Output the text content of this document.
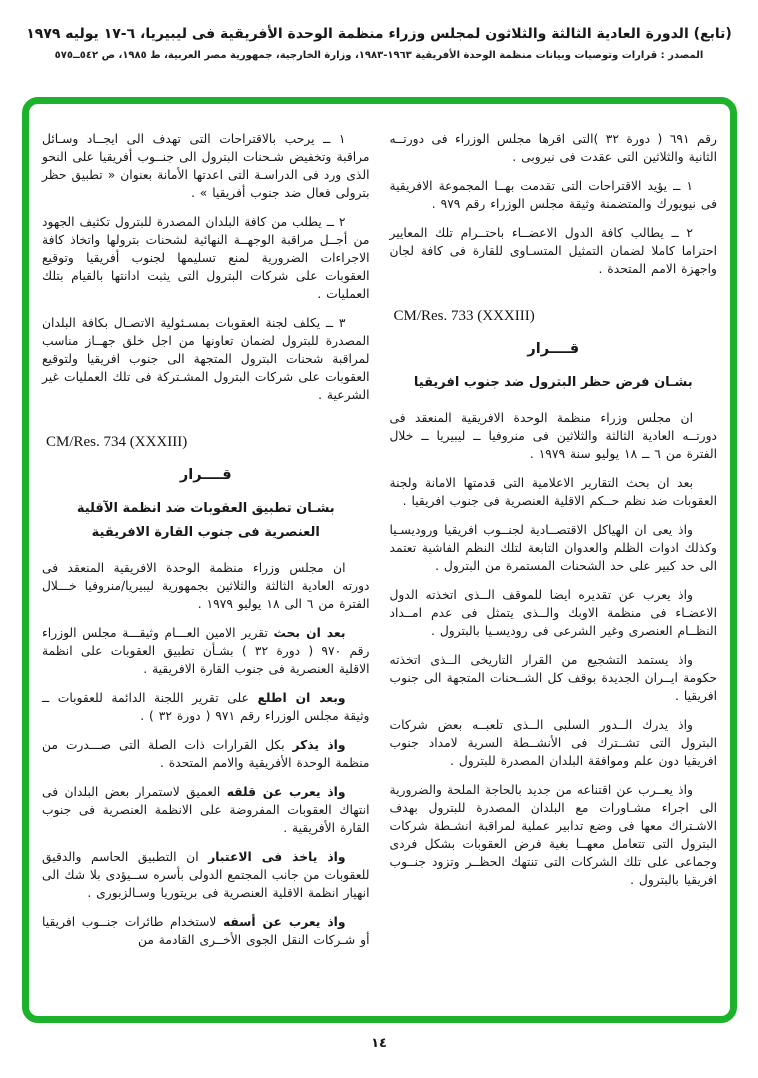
(تابع) الدورة العادية الثالثة والثلاثون لمجلس وزراء منظمة الوحدة الأفريقية فى ليبيريا، ٦-١٧ يوليه ١٩٧٩
المصدر : قرارات وتوصيات وبيانات منظمة الوحدة الأفريقية ١٩٦٣-١٩٨٣، وزارة الخارجية، جمهورية مصر العربية، ط ١٩٨٥، ص ٥٤٢ــ٥٧٥

رقم ٦٩١ ( دورة ٣٢ )التى اقرها مجلس الوزراء فى دورتــه الثانية والثلاثين التى عقدت فى نيروبى .

١ ــ يؤيد الاقتراحات التى تقدمت بهــا المجموعة الافريقية فى نيويورك والمتضمنة وثيقة مجلس الوزراء رقم ٩٧٩ .

٢ ــ يطالب كافة الدول الاعضــاء باحتــرام تلك المعايير احتراما كاملا لضمان التمثيل المتسـاوى للقارة فى كافة لجان واجهزة الامم المتحدة .

CM/Res. 733 (XXXIII)
قــــرار
بشـان فرض حظر البترول ضد جنوب افريقيا

ان مجلس وزراء منظمة الوحدة الافريقية المنعقد فى دورتــه العادية الثالثة والثلاثين فى منروفيا ــ ليبيريا ــ خلال الفترة من ٦ ــ ١٨ يوليو سنة ١٩٧٩ .

بعد ان بحث التقارير الاعلامية التى قدمتها الامانة ولجنة العقوبات ضد نظم حــكم الاقلية العنصرية فى جنوب افريقيا .

واذ يعى ان الهياكل الاقتصــادية لجنــوب افريقيا وروديسـيا وكذلك ادوات الظلم والعدوان التابعة لتلك النظم الفاشية تعتمد الى حد كبير على حد الشحنات المستمرة من البترول .

واذ يعرب عن تقديره ايضا للموقف الــذى اتخذته الدول الاعضـاء فى منظمة الاوبك والــذى يتمثل فى عدم امــداد النظــام العنصرى وغير الشرعى فى روديسـيا بالبترول .

واذ يستمد التشجيع من القرار التاريخى الــذى اتخذته حكومة ايــران الجديدة بوقف كل الشــحنات المتجهة الى جنوب افريقيا .

واذ يدرك الــدور السلبى الــذى تلعبــه بعض شركات البترول التى تشــترك فى الأنشــطة السرية لامداد جنوب افريقيا دون علم وموافقة البلدان المصدرة للبترول .

واذ يعــرب عن اقتناعه من جديد بالحاجة الملحة والضرورية الى اجراء مشـاورات مع البلدان المصدرة للبترول بهدف الاشـتراك معها فى وضع تدابير عملية لمراقبة انشـطة شركات البترول التى تتعامل معهــا بغية فرض العقوبات بشكل فردى وجماعى على تلك الشركات التى تنتهك الحظــر وتزود جنــوب افريقيا بالبترول .

١ ــ يرحب بالاقتراحات التى تهدف الى ايجــاد وسـائل مراقبة وتخفيض شـحنات البترول الى جنــوب أفريقيا على النحو الذى ورد فى الدراسـة التى اعدتها الأمانة بعنوان « تطبيق حظر بترولى فعال ضد جنوب أفريقيا » .

٢ ــ يطلب من كافة البلدان المصدرة للبترول تكثيف الجهود من أجــل مراقبة الوجهــة النهائية لشحنات بترولها واتخاذ كافة الاجراءات الضرورية لمنع تسليمها لجنوب أفريقيا وتوقيع العقوبات على شركات البترول التى يثبت ادانتها بالقيام بتلك العمليات .

٣ ــ يكلف لجنة العقوبات بمسـئولية الاتصـال بكافة البلدان المصدرة للبترول لضمان تعاونها من اجل خلق جهــاز مناسب لمراقبة شحنات البترول المتجهة الى جنوب افريقيا ولتوقيع العقوبات على شركات البترول المشـتركة فى تلك العمليات غير الشرعية .

CM/Res. 734 (XXXIII)
قــــرار
بشـان تطبيق العقوبات ضد انظمة الآقلية
العنصرية فى جنوب القارة الافريقية

ان مجلس وزراء منظمة الوحدة الافريقية المنعقد فى دورته العادية الثالثة والثلاثين بجمهورية ليبيريا/منروفيا خـــلال الفترة من ٦ الى ١٨ يوليو ١٩٧٩ .

بعد ان بحث تقرير الامين العـــام وثيقـــة مجلس الوزراء رقم ٩٧٠ ( دورة ٣٢ ) بشـأن تطبيق العقوبات على انظمة الاقلية العنصرية فى جنوب القارة الافريقية .

وبعد ان اطلع على تقرير اللجنة الدائمة للعقوبات ــ وثيقة مجلس الوزراء رقم ٩٧١ ( دورة ٣٢ ) .

واذ يذكر بكل القرارات ذات الصلة التى صـــدرت من منظمة الوحدة الأفريقية والامم المتحدة .

واذ يعرب عن قلقه العميق لاستمرار بعض البلدان فى انتهاك العقوبات المفروضة على الانظمة العنصرية فى جنوب القارة الأفريقية .

واذ ياخذ فى الاعتبار ان التطبيق الحاسم والدقيق للعقوبات من جانب المجتمع الدولى بأسره ســيؤدى بلا شك الى انهيار انظمة الاقلية العنصرية فى بريتوريا وسـالزبورى .

واذ يعرب عن أسفه لاستخدام طائرات جنــوب افريقيا أو شـركات النقل الجوى الأخــرى القادمة من

١٤
